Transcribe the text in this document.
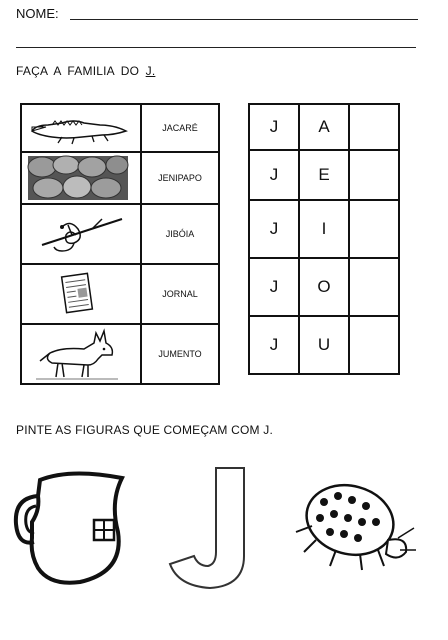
NOME:
FAÇA A FAMILIA DO J.
	JACARÉ

	JENIPAPO

	JIBÓIA

	JORNAL

	JUMENTO
J	A	
J	E	
J	I	
J	O	
J	U	
PINTE AS FIGURAS QUE COMEÇAM COM J.
